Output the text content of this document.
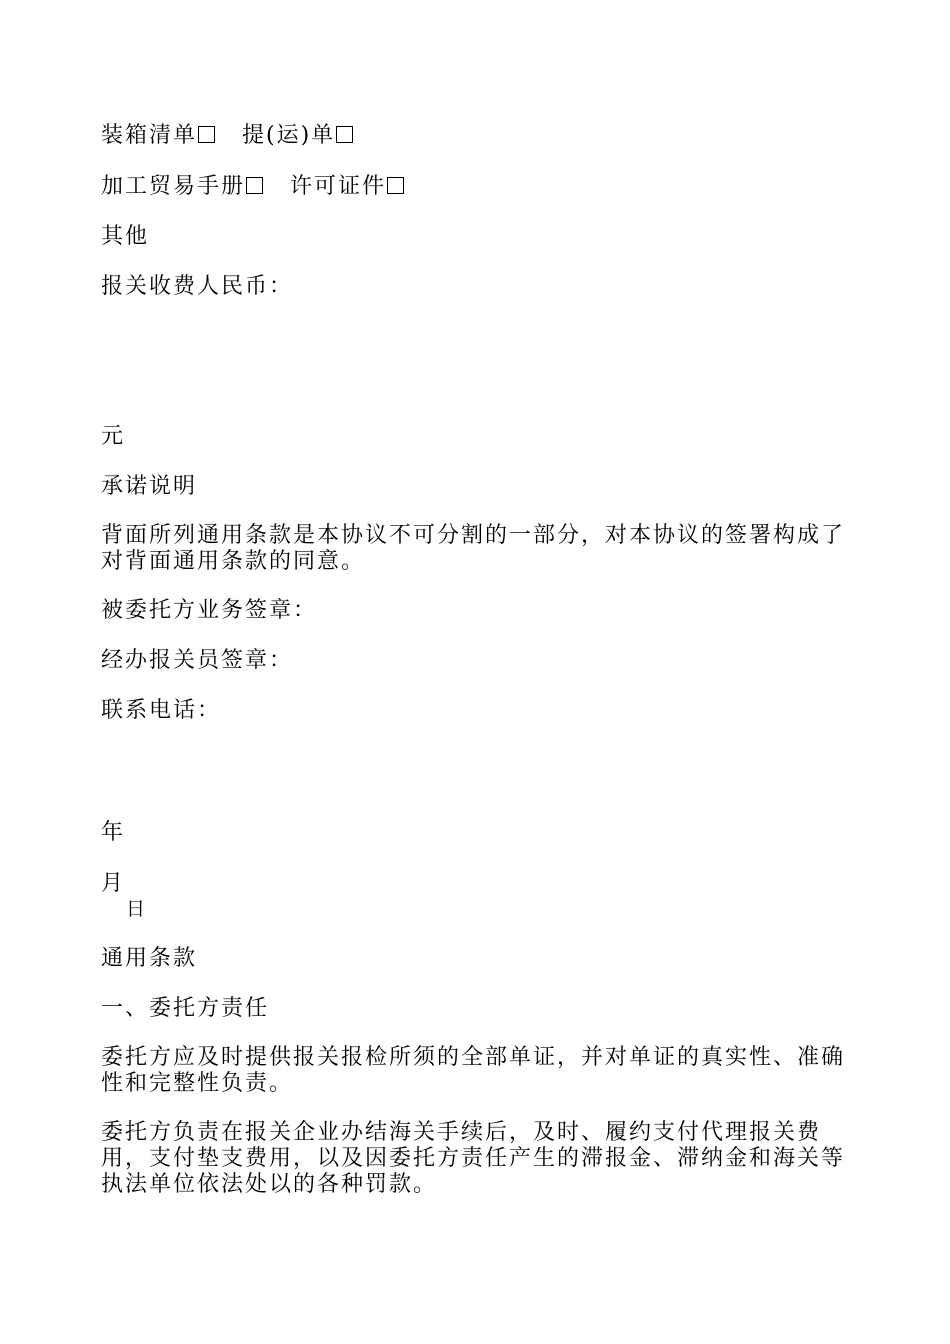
装箱清单 提(运)单
加工贸易手册 许可证件
其他
报关收费人民币：
元
承诺说明
背面所列通用条款是本协议不可分割的一部分，对本协议的签署构成了对背面通用条款的同意。
被委托方业务签章：
经办报关员签章：
联系电话：
年
月
日
通用条款
一、委托方责任
委托方应及时提供报关报检所须的全部单证，并对单证的真实性、准确性和完整性负责。
委托方负责在报关企业办结海关手续后，及时、履约支付代理报关费用，支付垫支费用，以及因委托方责任产生的滞报金、滞纳金和海关等执法单位依法处以的各种罚款。
